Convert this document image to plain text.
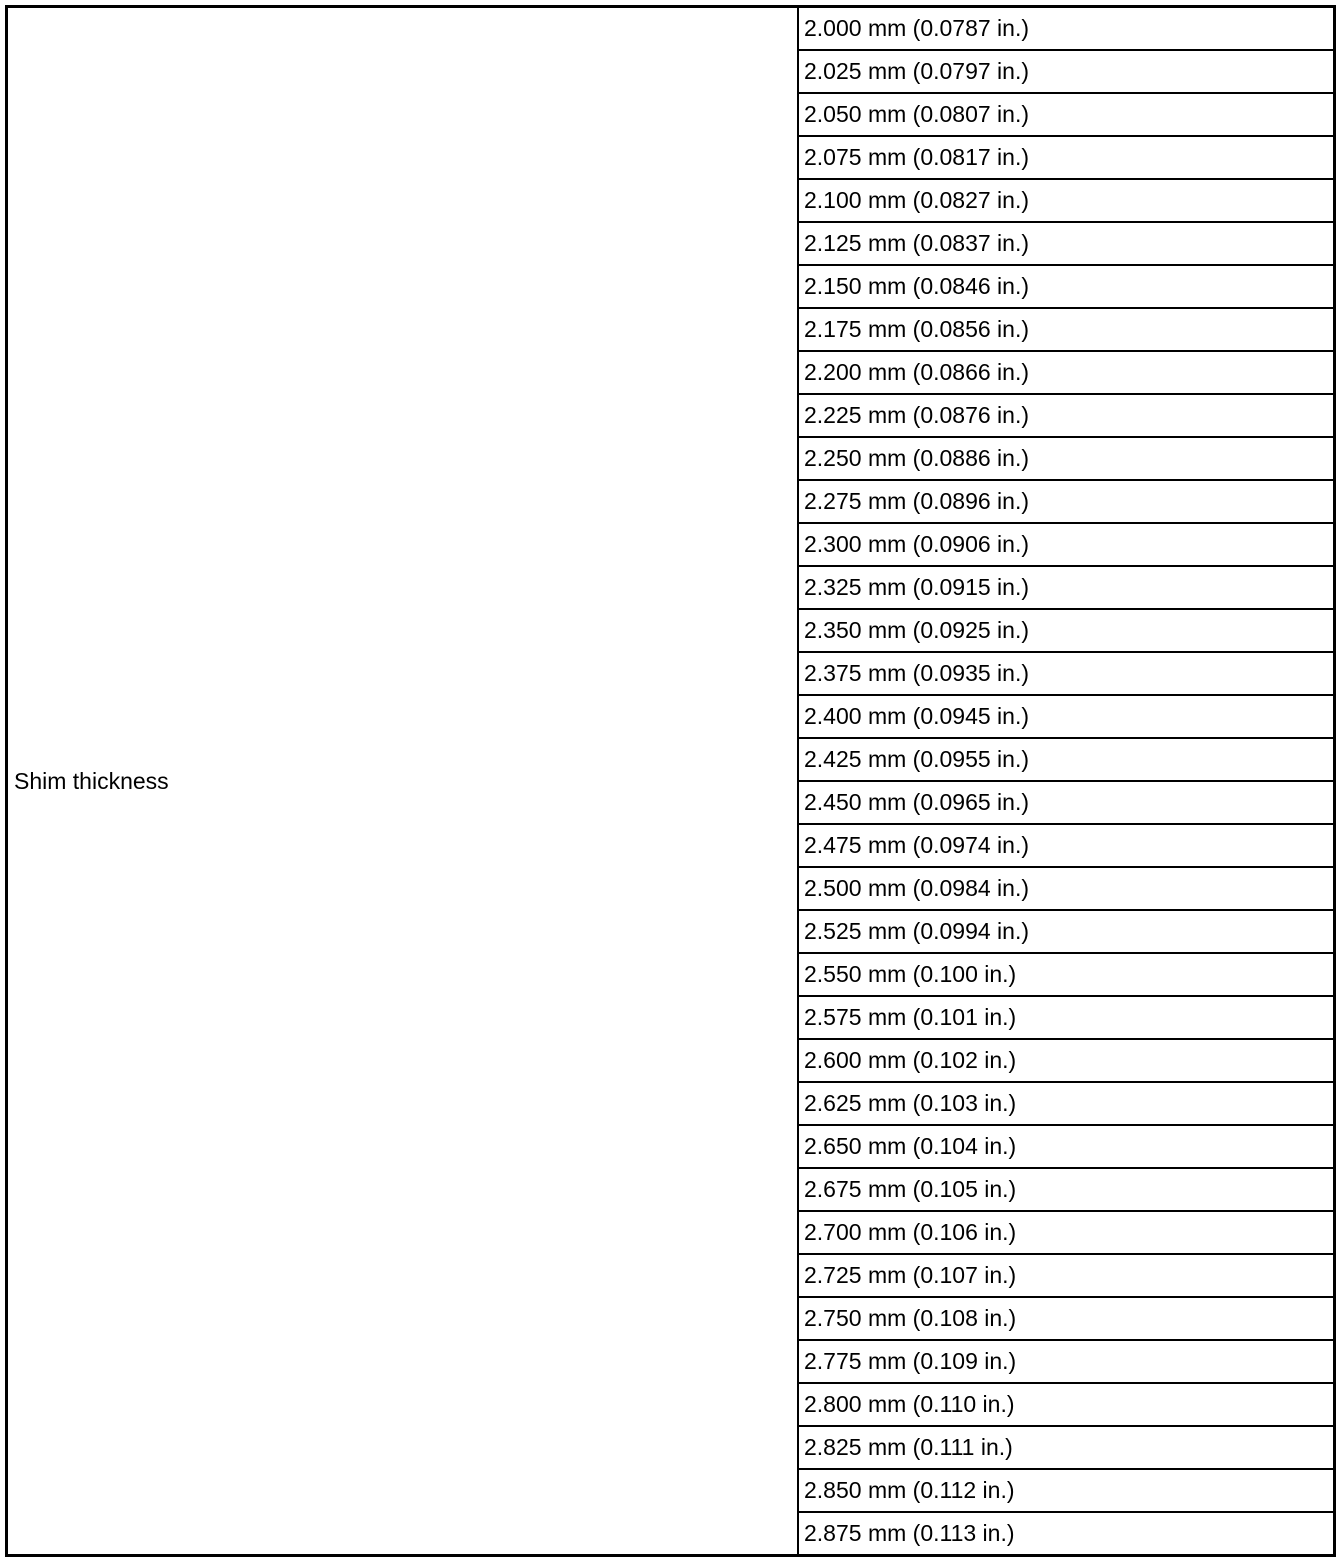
Shim thickness	2.000 mm (0.0787 in.)
2.025 mm (0.0797 in.)
2.050 mm (0.0807 in.)
2.075 mm (0.0817 in.)
2.100 mm (0.0827 in.)
2.125 mm (0.0837 in.)
2.150 mm (0.0846 in.)
2.175 mm (0.0856 in.)
2.200 mm (0.0866 in.)
2.225 mm (0.0876 in.)
2.250 mm (0.0886 in.)
2.275 mm (0.0896 in.)
2.300 mm (0.0906 in.)
2.325 mm (0.0915 in.)
2.350 mm (0.0925 in.)
2.375 mm (0.0935 in.)
2.400 mm (0.0945 in.)
2.425 mm (0.0955 in.)
2.450 mm (0.0965 in.)
2.475 mm (0.0974 in.)
2.500 mm (0.0984 in.)
2.525 mm (0.0994 in.)
2.550 mm (0.100 in.)
2.575 mm (0.101 in.)
2.600 mm (0.102 in.)
2.625 mm (0.103 in.)
2.650 mm (0.104 in.)
2.675 mm (0.105 in.)
2.700 mm (0.106 in.)
2.725 mm (0.107 in.)
2.750 mm (0.108 in.)
2.775 mm (0.109 in.)
2.800 mm (0.110 in.)
2.825 mm (0.111 in.)
2.850 mm (0.112 in.)
2.875 mm (0.113 in.)
